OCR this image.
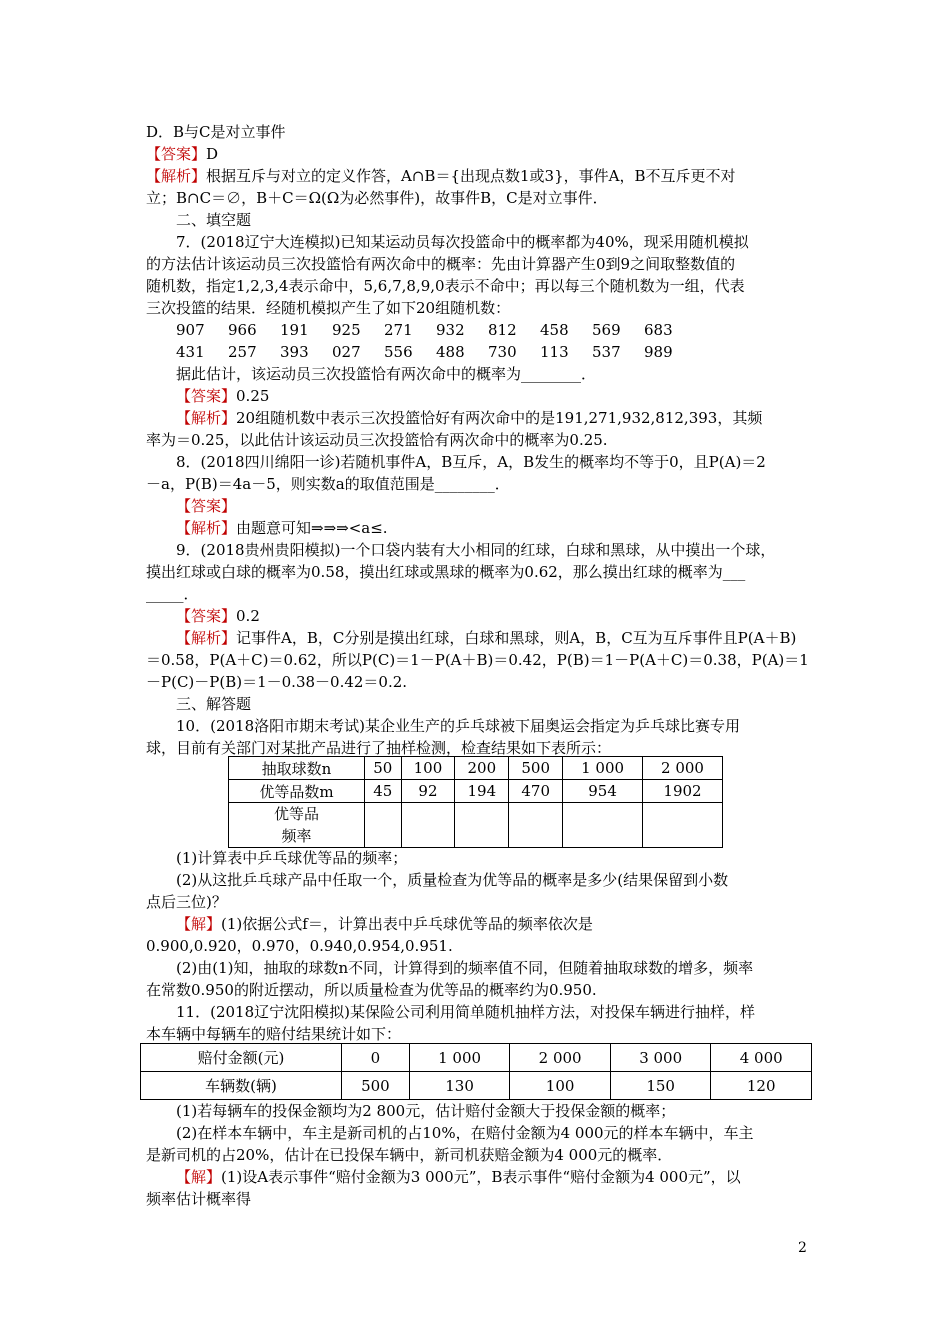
D．B与C是对立事件
【答案】D
【解析】根据互斥与对立的定义作答，A∩B＝{出现点数1或3}，事件A，B不互斥更不对
立；B∩C＝∅，B＋C＝Ω(Ω为必然事件)，故事件B，C是对立事件．
二、填空题
7．(2018辽宁大连模拟)已知某运动员每次投篮命中的概率都为40%，现采用随机模拟
的方法估计该运动员三次投篮恰有两次命中的概率：先由计算器产生0到9之间取整数值的
随机数，指定1,2,3,4表示命中，5,6,7,8,9,0表示不命中；再以每三个随机数为一组，代表
三次投篮的结果．经随机模拟产生了如下20组随机数：
907 966 191 925 271 932 812 458 569 683
431 257 393 027 556 488 730 113 537 989
据此估计，该运动员三次投篮恰有两次命中的概率为________．
【答案】0.25
【解析】20组随机数中表示三次投篮恰好有两次命中的是191,271,932,812,393，其频
率为＝0.25，以此估计该运动员三次投篮恰有两次命中的概率为0.25.
8．(2018四川绵阳一诊)若随机事件A，B互斥，A，B发生的概率均不等于0，且P(A)＝2
－a，P(B)＝4a－5，则实数a的取值范围是________．
【答案】
【解析】由题意可知⇒⇒⇒<a≤.
9．(2018贵州贵阳模拟)一个口袋内装有大小相同的红球，白球和黑球，从中摸出一个球，
摸出红球或白球的概率为0.58，摸出红球或黑球的概率为0.62，那么摸出红球的概率为___
_____．
【答案】0.2
【解析】记事件A，B，C分别是摸出红球，白球和黑球，则A，B，C互为互斥事件且P(A＋B)
＝0.58，P(A＋C)＝0.62，所以P(C)＝1－P(A＋B)＝0.42，P(B)＝1－P(A＋C)＝0.38，P(A)＝1
－P(C)－P(B)＝1－0.38－0.42＝0.2.
三、解答题
10．(2018洛阳市期末考试)某企业生产的乒乓球被下届奥运会指定为乒乓球比赛专用
球，目前有关部门对某批产品进行了抽样检测，检查结果如下表所示：
抽取球数n	50	100	200	500	1 000	2 000
优等品数m	45	92	194	470	954	1902
优等品
频率						
(1)计算表中乒乓球优等品的频率；
(2)从这批乒乓球产品中任取一个，质量检查为优等品的概率是多少(结果保留到小数
点后三位)？
【解】(1)依据公式f＝，计算出表中乒乓球优等品的频率依次是
0.900,0.920，0.970，0.940,0.954,0.951.
(2)由(1)知，抽取的球数n不同，计算得到的频率值不同，但随着抽取球数的增多，频率
在常数0.950的附近摆动，所以质量检查为优等品的概率约为0.950.
11．(2018辽宁沈阳模拟)某保险公司利用简单随机抽样方法，对投保车辆进行抽样，样
本车辆中每辆车的赔付结果统计如下：
赔付金额(元)	0	1 000	2 000	3 000	4 000
车辆数(辆)	500	130	100	150	120
(1)若每辆车的投保金额均为2 800元，估计赔付金额大于投保金额的概率；
(2)在样本车辆中，车主是新司机的占10%，在赔付金额为4 000元的样本车辆中，车主
是新司机的占20%，估计在已投保车辆中，新司机获赔金额为4 000元的概率．
【解】(1)设A表示事件“赔付金额为3 000元”，B表示事件“赔付金额为4 000元”，以
频率估计概率得
2
